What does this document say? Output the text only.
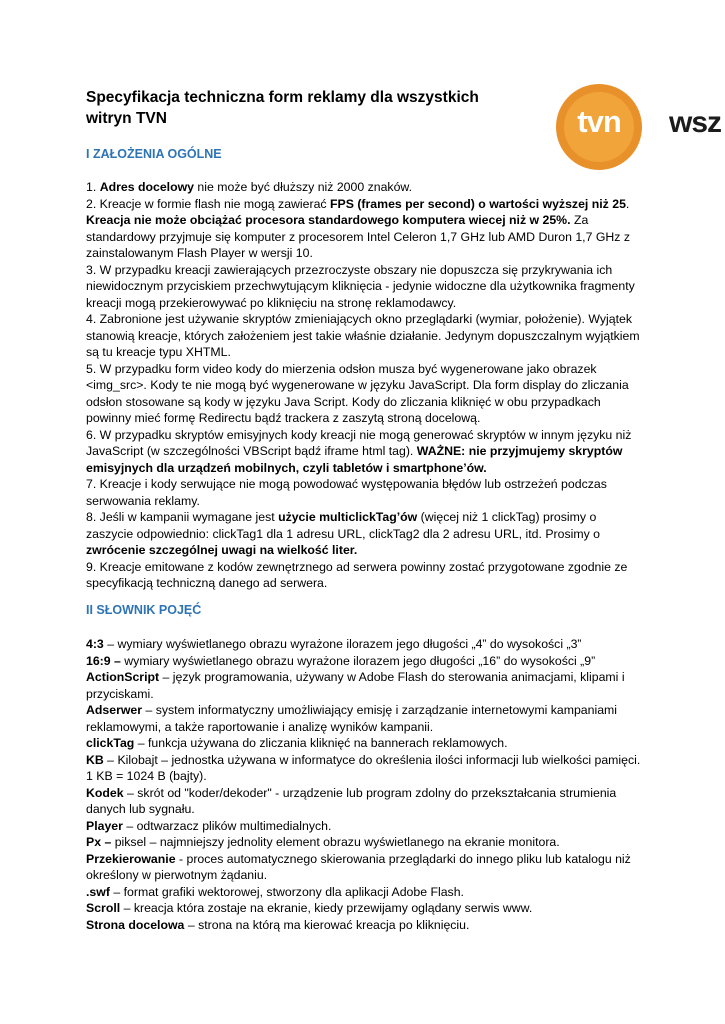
Specyfikacja techniczna form reklamy dla wszystkich witryn TVN	tvn	wsz
I ZAŁOŻENIA OGÓLNE

1. Adres docelowy nie może być dłuższy niż 2000 znaków.

2. Kreacje w formie flash nie mogą zawierać FPS (frames per second) o wartości wyższej niż 25. Kreacja nie może obciążać procesora standardowego komputera wiecej niż w 25%. Za standardowy przyjmuje się komputer z procesorem Intel Celeron 1,7 GHz lub AMD Duron 1,7 GHz z zainstalowanym Flash Player w wersji 10.

3. W przypadku kreacji zawierających przezroczyste obszary nie dopuszcza się przykrywania ich niewidocznym przyciskiem przechwytującym kliknięcia - jedynie widoczne dla użytkownika fragmenty kreacji mogą przekierowywać po kliknięciu na stronę reklamodawcy.

4. Zabronione jest używanie skryptów zmieniających okno przeglądarki (wymiar, położenie). Wyjątek stanowią kreacje, których założeniem jest takie właśnie działanie. Jedynym dopuszczalnym wyjątkiem są tu kreacje typu XHTML.

5. W przypadku form video kody do mierzenia odsłon musza być wygenerowane jako obrazek <img_src>. Kody te nie mogą być wygenerowane w języku JavaScript. Dla form display do zliczania odsłon stosowane są kody w języku Java Script. Kody do zliczania kliknięć w obu przypadkach powinny mieć formę Redirectu bądź trackera z zaszytą stroną docelową.

6. W przypadku skryptów emisyjnych kody kreacji nie mogą generować skryptów w innym języku niż JavaScript (w szczególności VBScript bądź iframe html tag). WAŻNE: nie przyjmujemy skryptów emisyjnych dla urządzeń mobilnych, czyli tabletów i smartphone’ów.

7. Kreacje i kody serwujące nie mogą powodować występowania błędów lub ostrzeżeń podczas serwowania reklamy.

8. Jeśli w kampanii wymagane jest użycie multiclickTag’ów (więcej niż 1 clickTag) prosimy o zaszycie odpowiednio: clickTag1 dla 1 adresu URL, clickTag2 dla 2 adresu URL, itd. Prosimy o zwrócenie szczególnej uwagi na wielkość liter.

9. Kreacje emitowane z kodów zewnętrznego ad serwera powinny zostać przygotowane zgodnie ze specyfikacją techniczną danego ad serwera.

II SŁOWNIK POJĘĆ

4:3 – wymiary wyświetlanego obrazu wyrażone ilorazem jego długości „4” do wysokości „3”

16:9 – wymiary wyświetlanego obrazu wyrażone ilorazem jego długości „16” do wysokości „9”

ActionScript – język programowania, używany w Adobe Flash do sterowania animacjami, klipami i przyciskami.

Adserwer – system informatyczny umożliwiający emisję i zarządzanie internetowymi kampaniami reklamowymi, a także raportowanie i analizę wyników kampanii.

clickTag – funkcja używana do zliczania kliknięć na bannerach reklamowych.

KB – Kilobajt – jednostka używana w informatyce do określenia ilości informacji lub wielkości pamięci. 1 KB = 1024 B (bajty).

Kodek – skrót od "koder/dekoder" - urządzenie lub program zdolny do przekształcania strumienia danych lub sygnału.

Player – odtwarzacz plików multimedialnych.

Px – piksel – najmniejszy jednolity element obrazu wyświetlanego na ekranie monitora.

Przekierowanie - proces automatycznego skierowania przeglądarki do innego pliku lub katalogu niż określony w pierwotnym żądaniu.

.swf – format grafiki wektorowej, stworzony dla aplikacji Adobe Flash.

Scroll – kreacja która zostaje na ekranie, kiedy przewijamy oglądany serwis www.

Strona docelowa – strona na którą ma kierować kreacja po kliknięciu.
